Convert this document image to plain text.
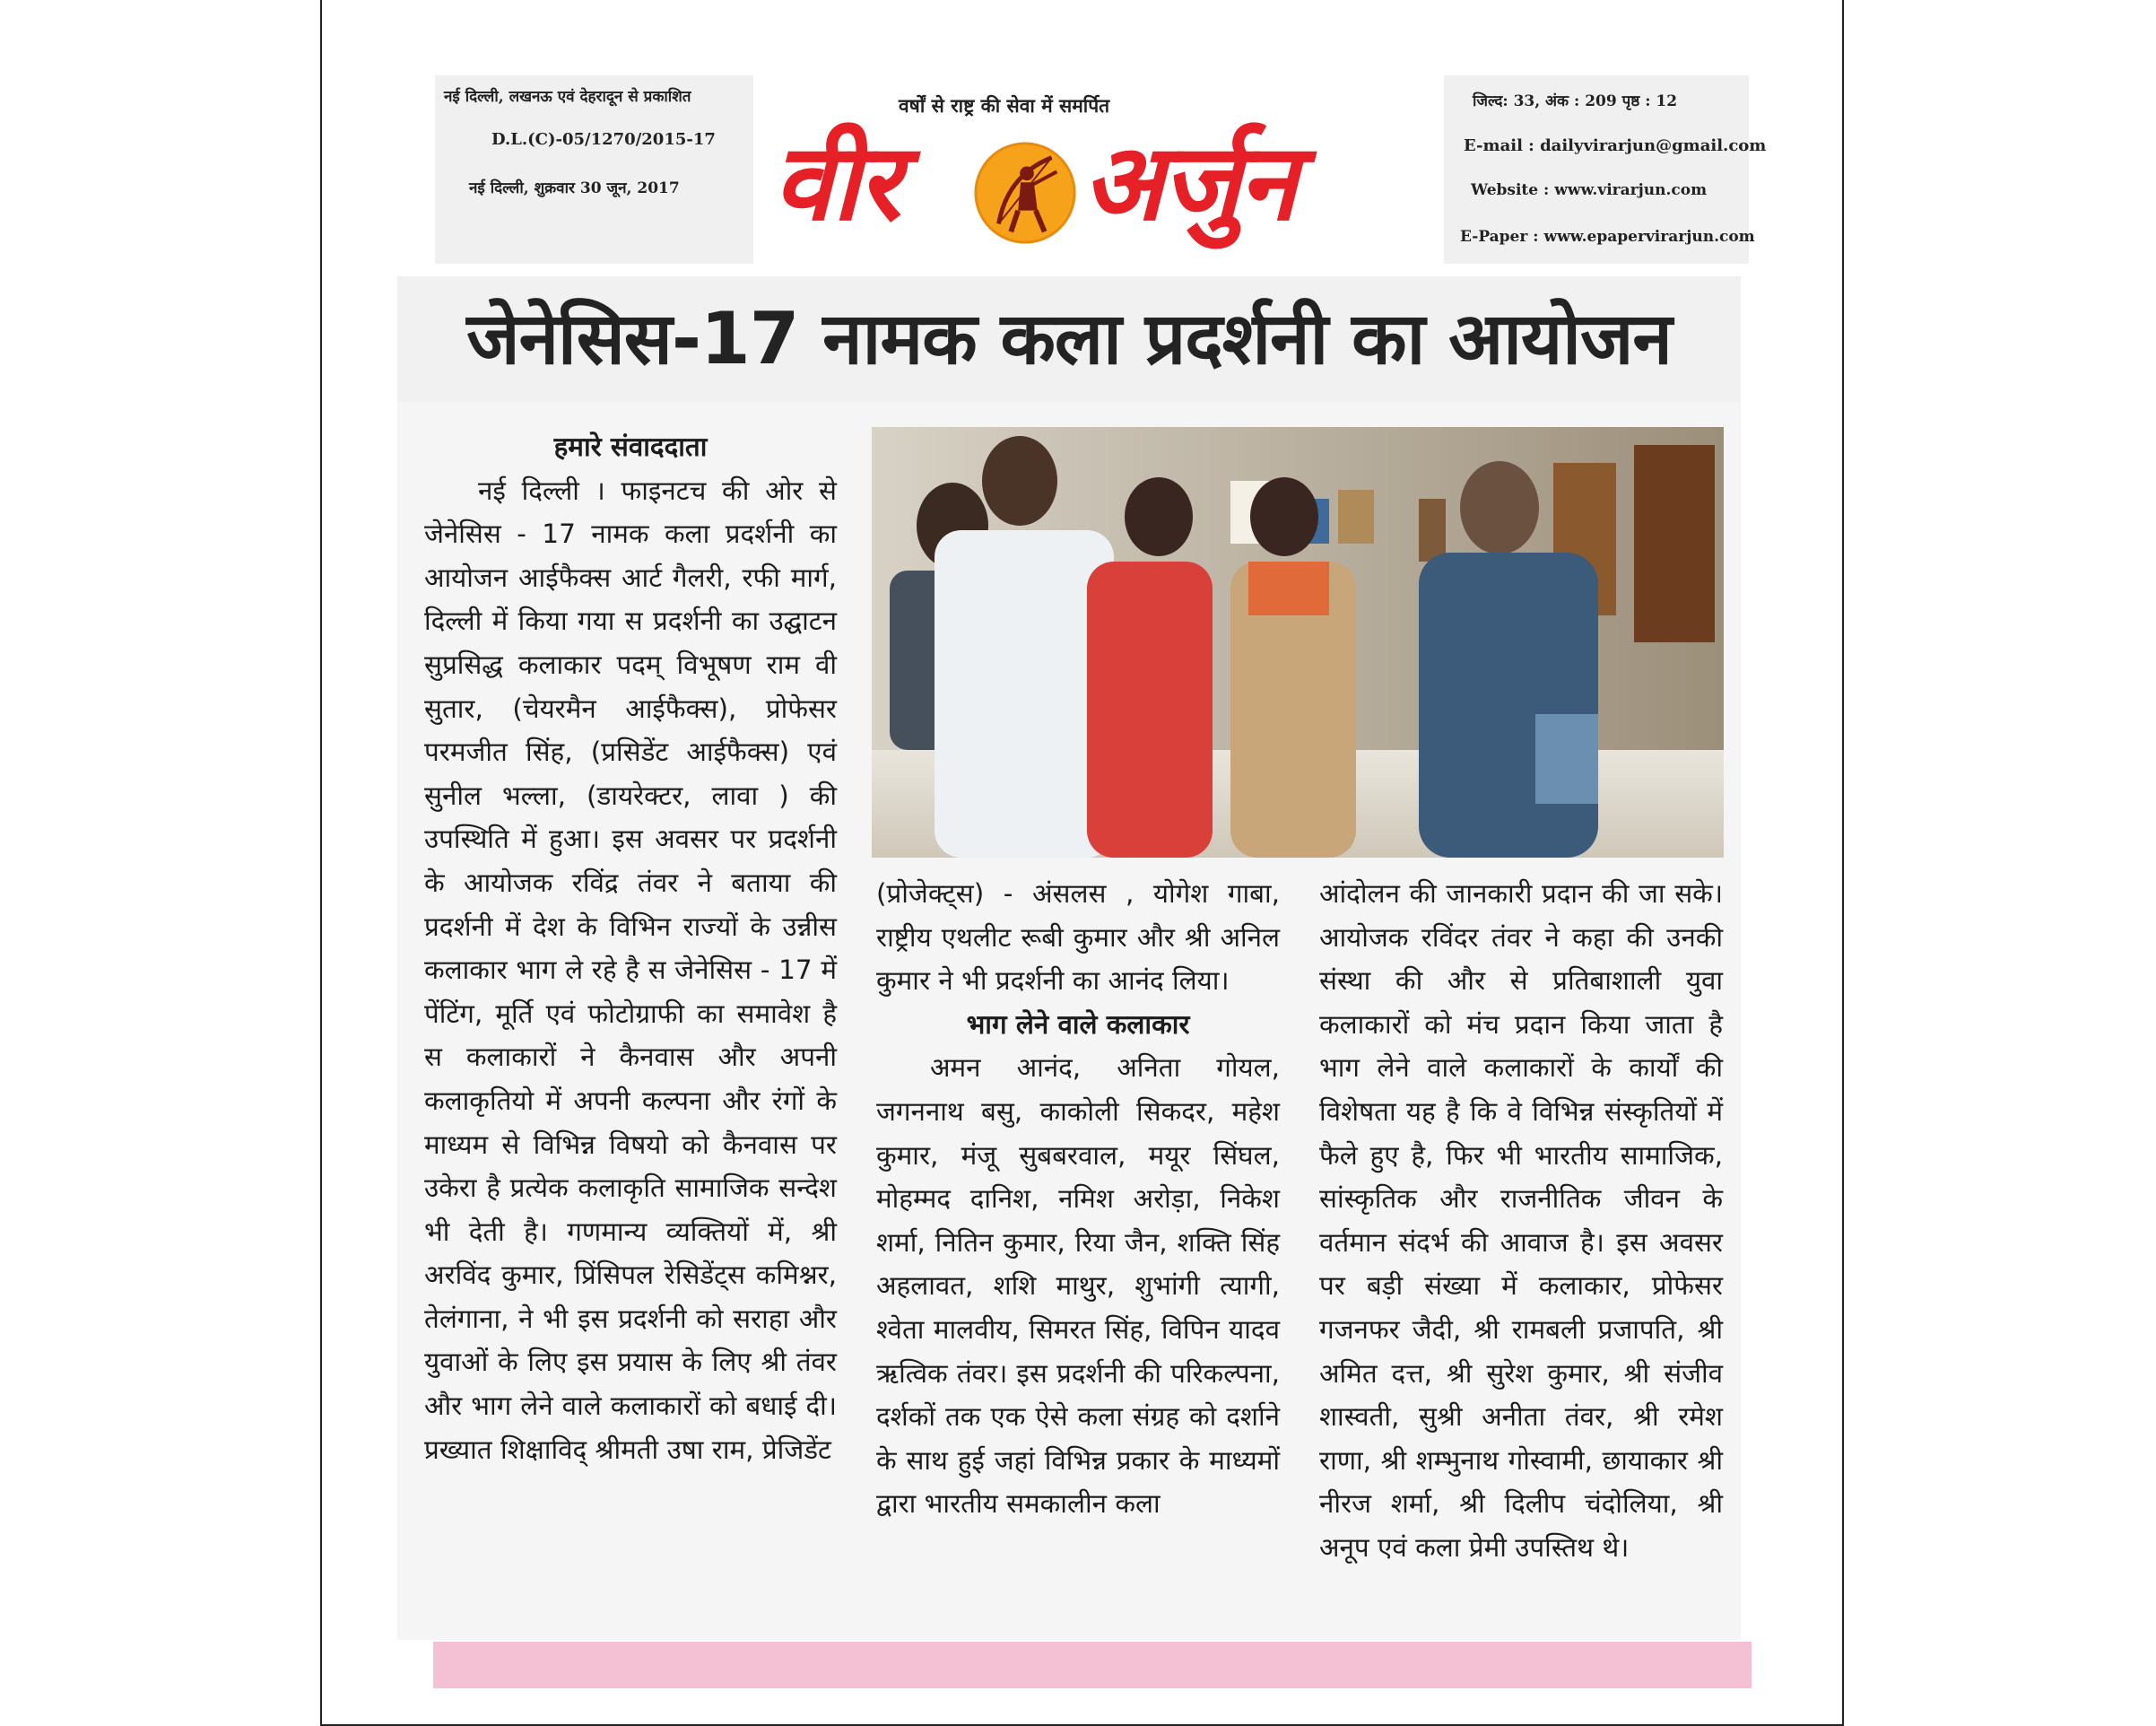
नई दिल्ली, लखनऊ एवं देहरादून से प्रकाशित
D.L.(C)-05/1270/2015-17
नई दिल्ली, शुक्रवार 30 जून, 2017
वर्षों से राष्ट्र की सेवा में समर्पित
वीर अर्जुन
जिल्द: 33, अंक : 209 पृष्ठ : 12
E-mail : dailyvirarjun@gmail.com
Website : www.virarjun.com
E-Paper : www.epapervirarjun.com
जेनेसिस-17 नामक कला प्रदर्शनी का आयोजन

हमारे संवाददाता

नई दिल्ली । फाइनटच की ओर से जेनेसिस - 17 नामक कला प्रदर्शनी का आयोजन आईफैक्स आर्ट गैलरी, रफी मार्ग, दिल्ली में किया गया स प्रदर्शनी का उद्घाटन सुप्रसिद्ध कलाकार पदम् विभूषण राम वी सुतार, (चेयरमैन आईफैक्स), प्रोफेसर परमजीत सिंह, (प्रसिडेंट आईफैक्स) एवं सुनील भल्ला, (डायरेक्टर, लावा ) की उपस्थिति में हुआ। इस अवसर पर प्रदर्शनी के आयोजक रविंद्र तंवर ने बताया की प्रदर्शनी में देश के विभिन राज्यों के उन्नीस कलाकार भाग ले रहे है स जेनेसिस - 17 में पेंटिंग, मूर्ति एवं फोटोग्राफी का समावेश है स कलाकारों ने कैनवास और अपनी कलाकृतियो में अपनी कल्पना और रंगों के माध्यम से विभिन्न विषयो को कैनवास पर उकेरा है प्रत्येक कलाकृति सामाजिक सन्देश भी देती है। गणमान्य व्यक्तियों में, श्री अरविंद कुमार, प्रिंसिपल रेसिडेंट्स कमिश्नर, तेलंगाना, ने भी इस प्रदर्शनी को सराहा और युवाओं के लिए इस प्रयास के लिए श्री तंवर और भाग लेने वाले कलाकारों को बधाई दी। प्रख्यात शिक्षाविद् श्रीमती उषा राम, प्रेजिडेंट

(प्रोजेक्ट्स) - अंसलस , योगेश गाबा, राष्ट्रीय एथलीट रूबी कुमार और श्री अनिल कुमार ने भी प्रदर्शनी का आनंद लिया।

भाग लेने वाले कलाकार

अमन आनंद, अनिता गोयल, जगननाथ बसु, काकोली सिकदर, महेश कुमार, मंजू सुबबरवाल, मयूर सिंघल, मोहम्मद दानिश, नमिश अरोड़ा, निकेश शर्मा, नितिन कुमार, रिया जैन, शक्ति सिंह अहलावत, शशि माथुर, शुभांगी त्यागी, श्वेता मालवीय, सिमरत सिंह, विपिन यादव ऋत्विक तंवर। इस प्रदर्शनी की परिकल्पना, दर्शकों तक एक ऐसे कला संग्रह को दर्शाने के साथ हुई जहां विभिन्न प्रकार के माध्यमों द्वारा भारतीय समकालीन कला

आंदोलन की जानकारी प्रदान की जा सके। आयोजक रविंदर तंवर ने कहा की उनकी संस्था की और से प्रतिबाशाली युवा कलाकारों को मंच प्रदान किया जाता है भाग लेने वाले कलाकारों के कार्यों की विशेषता यह है कि वे विभिन्न संस्कृतियों में फैले हुए है, फिर भी भारतीय सामाजिक, सांस्कृतिक और राजनीतिक जीवन के वर्तमान संदर्भ की आवाज है। इस अवसर पर बड़ी संख्या में कलाकार, प्रोफेसर गजनफर जैदी, श्री रामबली प्रजापति, श्री अमित दत्त, श्री सुरेश कुमार, श्री संजीव शास्वती, सुश्री अनीता तंवर, श्री रमेश राणा, श्री शम्भुनाथ गोस्वामी, छायाकार श्री नीरज शर्मा, श्री दिलीप चंदोलिया, श्री अनूप एवं कला प्रेमी उपस्तिथ थे।
